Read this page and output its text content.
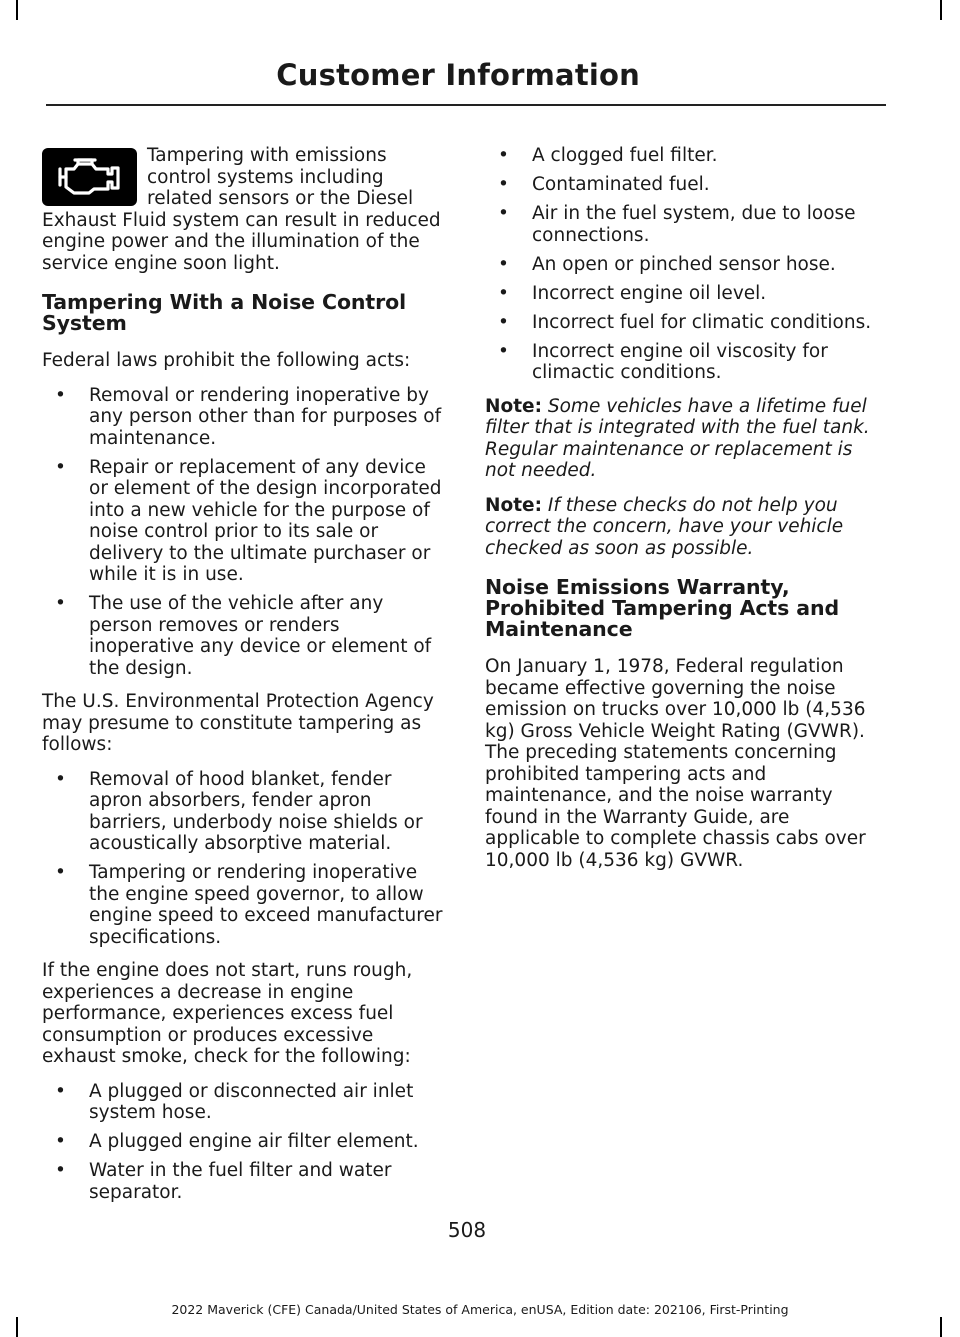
Customer Information

Tampering with emissions control systems including related sensors or the Diesel Exhaust Fluid system can result in reduced engine power and the illumination of the service engine soon light.

Tampering With a Noise Control System

Federal laws prohibit the following acts:

• Removal or rendering inoperative by any person other than for purposes of maintenance.
• Repair or replacement of any device or element of the design incorporated into a new vehicle for the purpose of noise control prior to its sale or delivery to the ultimate purchaser or while it is in use.
• The use of the vehicle after any person removes or renders inoperative any device or element of the design.

The U.S. Environmental Protection Agency may presume to constitute tampering as follows:

• Removal of hood blanket, fender apron absorbers, fender apron barriers, underbody noise shields or acoustically absorptive material.
• Tampering or rendering inoperative the engine speed governor, to allow engine speed to exceed manufacturer specifications.

If the engine does not start, runs rough, experiences a decrease in engine performance, experiences excess fuel consumption or produces excessive exhaust smoke, check for the following:

• A plugged or disconnected air inlet system hose.
• A plugged engine air filter element.
• Water in the fuel filter and water separator.
• A clogged fuel filter.
• Contaminated fuel.
• Air in the fuel system, due to loose connections.
• An open or pinched sensor hose.
• Incorrect engine oil level.
• Incorrect fuel for climatic conditions.
• Incorrect engine oil viscosity for climactic conditions.

Note: Some vehicles have a lifetime fuel filter that is integrated with the fuel tank. Regular maintenance or replacement is not needed.

Note: If these checks do not help you correct the concern, have your vehicle checked as soon as possible.

Noise Emissions Warranty, Prohibited Tampering Acts and Maintenance

On January 1, 1978, Federal regulation became effective governing the noise emission on trucks over 10,000 lb (4,536 kg) Gross Vehicle Weight Rating (GVWR). The preceding statements concerning prohibited tampering acts and maintenance, and the noise warranty found in the Warranty Guide, are applicable to complete chassis cabs over 10,000 lb (4,536 kg) GVWR.

508
2022 Maverick (CFE) Canada/United States of America, enUSA, Edition date: 202106, First-Printing
